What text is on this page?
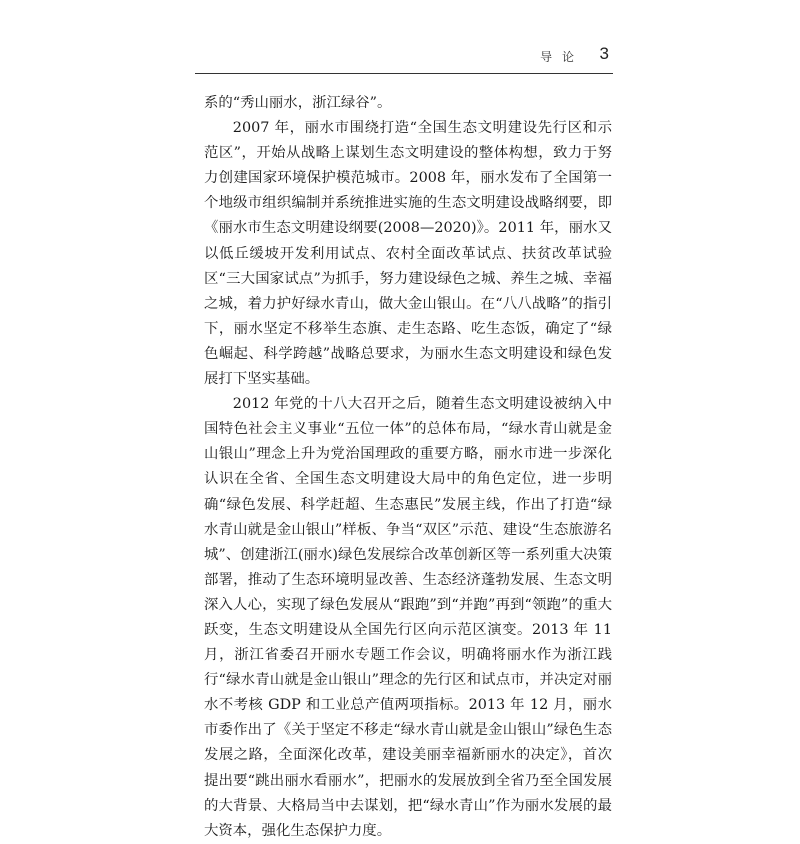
导 论 3

系的“秀山丽水，浙江绿谷”。

2007 年，丽水市围绕打造“全国生态文明建设先行区和示范区”，开始从战略上谋划生态文明建设的整体构想，致力于努力创建国家环境保护模范城市。2008 年，丽水发布了全国第一个地级市组织编制并系统推进实施的生态文明建设战略纲要，即《丽水市生态文明建设纲要(2008—2020)》。2011 年，丽水又以低丘缓坡开发利用试点、农村全面改革试点、扶贫改革试验区“三大国家试点”为抓手，努力建设绿色之城、养生之城、幸福之城，着力护好绿水青山，做大金山银山。在“八八战略”的指引下，丽水坚定不移举生态旗、走生态路、吃生态饭，确定了“绿色崛起、科学跨越”战略总要求，为丽水生态文明建设和绿色发展打下坚实基础。

2012 年党的十八大召开之后，随着生态文明建设被纳入中国特色社会主义事业“五位一体”的总体布局，“绿水青山就是金山银山”理念上升为党治国理政的重要方略，丽水市进一步深化认识在全省、全国生态文明建设大局中的角色定位，进一步明确“绿色发展、科学赶超、生态惠民”发展主线，作出了打造“绿水青山就是金山银山”样板、争当“双区”示范、建设“生态旅游名城”、创建浙江(丽水)绿色发展综合改革创新区等一系列重大决策部署，推动了生态环境明显改善、生态经济蓬勃发展、生态文明深入人心，实现了绿色发展从“跟跑”到“并跑”再到“领跑”的重大跃变，生态文明建设从全国先行区向示范区演变。2013 年 11 月，浙江省委召开丽水专题工作会议，明确将丽水作为浙江践行“绿水青山就是金山银山”理念的先行区和试点市，并决定对丽水不考核 GDP 和工业总产值两项指标。2013 年 12 月，丽水市委作出了《关于坚定不移走“绿水青山就是金山银山”绿色生态发展之路，全面深化改革，建设美丽幸福新丽水的决定》，首次提出要“跳出丽水看丽水”，把丽水的发展放到全省乃至全国发展的大背景、大格局当中去谋划，把“绿水青山”作为丽水发展的最大资本，强化生态保护力度。
